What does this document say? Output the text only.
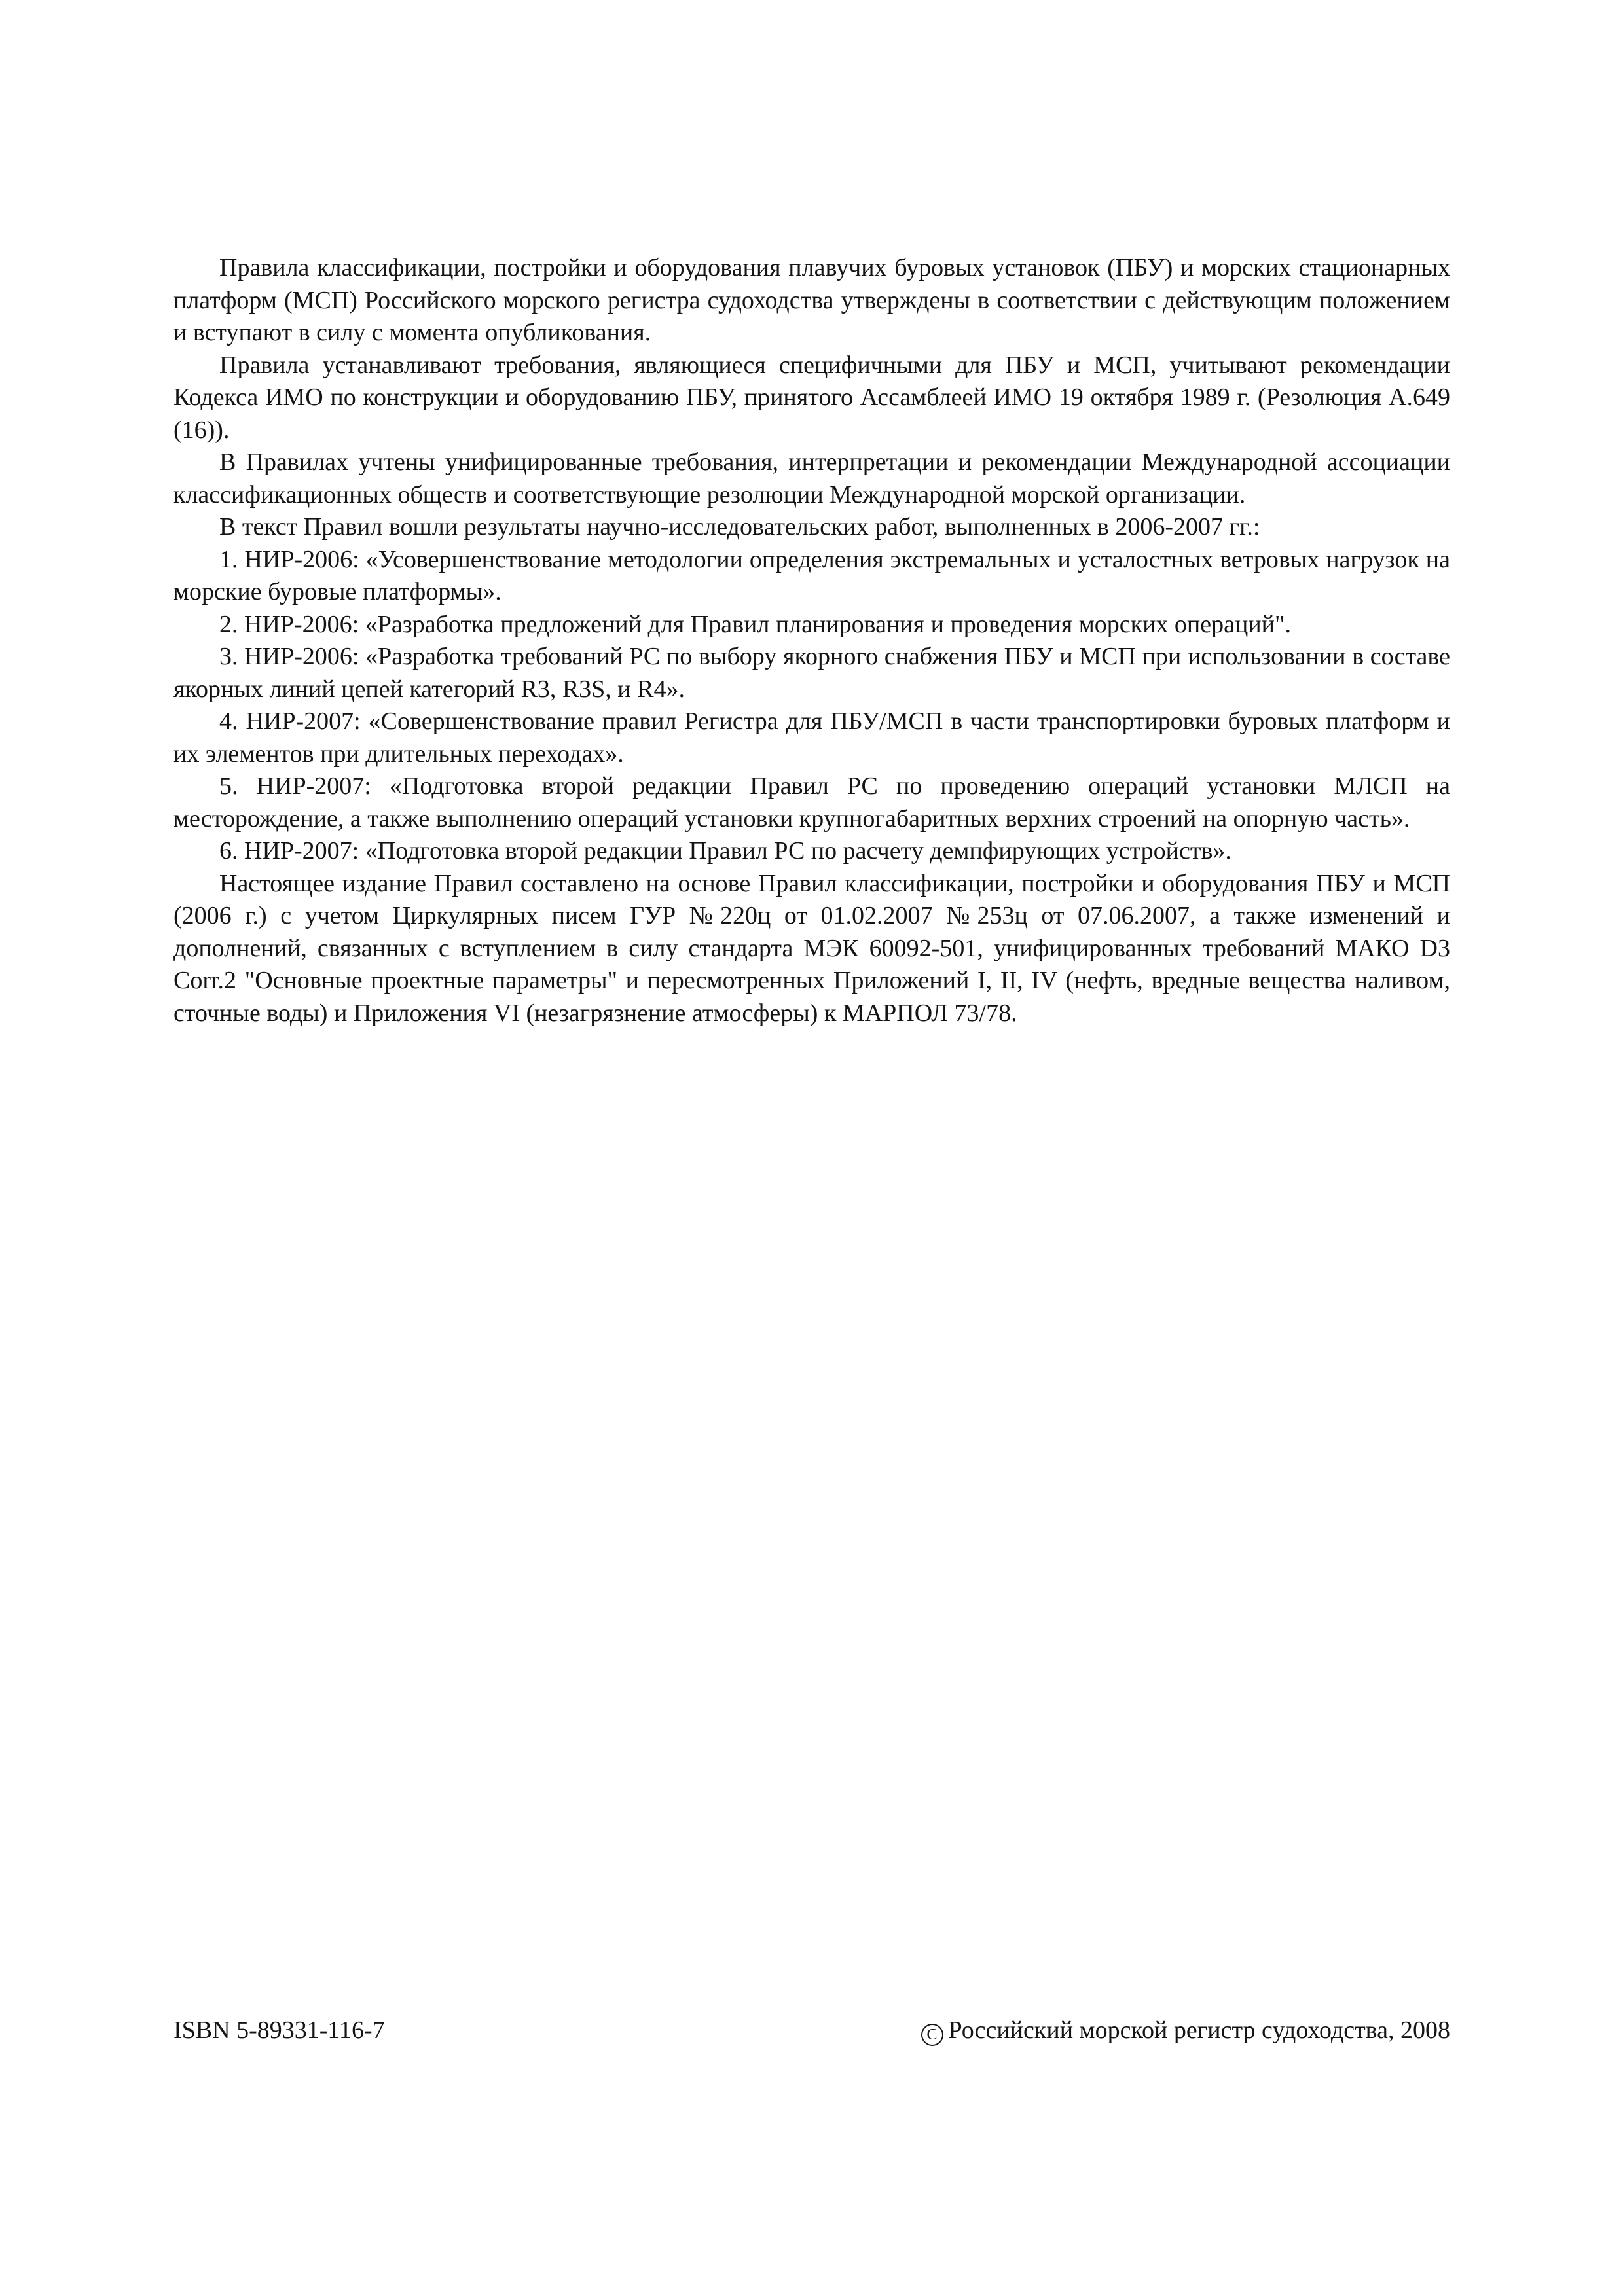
Правила классификации, постройки и оборудования плавучих буровых установок (ПБУ) и морских стационарных платформ (МСП) Российского морского регистра судоходства утверждены в соответствии с действующим положением и вступают в силу с момента опубликования.

Правила устанавливают требования, являющиеся специфичными для ПБУ и МСП, учитывают рекомендации Кодекса ИМО по конструкции и оборудованию ПБУ, принятого Ассамблеей ИМО 19 октября 1989 г. (Резолюция A.649 (16)).

В Правилах учтены унифицированные требования, интерпретации и рекомендации Международной ассоциации классификационных обществ и соответствующие резолюции Международной морской организации.

В текст Правил вошли результаты научно-исследовательских работ, выполненных в 2006-2007 гг.:

1. НИР-2006: «Усовершенствование методологии определения экстремальных и усталостных ветровых нагрузок на морские буровые платформы».

2. НИР-2006: «Разработка предложений для Правил планирования и проведения морских операций".

3. НИР-2006: «Разработка требований РС по выбору якорного снабжения ПБУ и МСП при использовании в составе якорных линий цепей категорий R3, R3S, и R4».

4. НИР-2007: «Совершенствование правил Регистра для ПБУ/МСП в части транспортировки буровых платформ и их элементов при длительных переходах».

5. НИР-2007: «Подготовка второй редакции Правил РС по проведению операций установки МЛСП на месторождение, а также выполнению операций установки крупногабаритных верхних строений на опорную часть».

6. НИР-2007: «Подготовка второй редакции Правил РС по расчету демпфирующих устройств».

Настоящее издание Правил составлено на основе Правил классификации, постройки и оборудования ПБУ и МСП (2006 г.) с учетом Циркулярных писем ГУР №220ц от 01.02.2007 №253ц от 07.06.2007, а также изменений и дополнений, связанных с вступлением в силу стандарта МЭК 60092-501, унифицированных требований МАКО D3 Corr.2 "Основные проектные параметры" и пересмотренных Приложений I, II, IV (нефть, вредные вещества наливом, сточные воды) и Приложения VI (незагрязнение атмосферы) к МАРПОЛ 73/78.

ISBN 5-89331-116-7	C Российский морской регистр судоходства, 2008
